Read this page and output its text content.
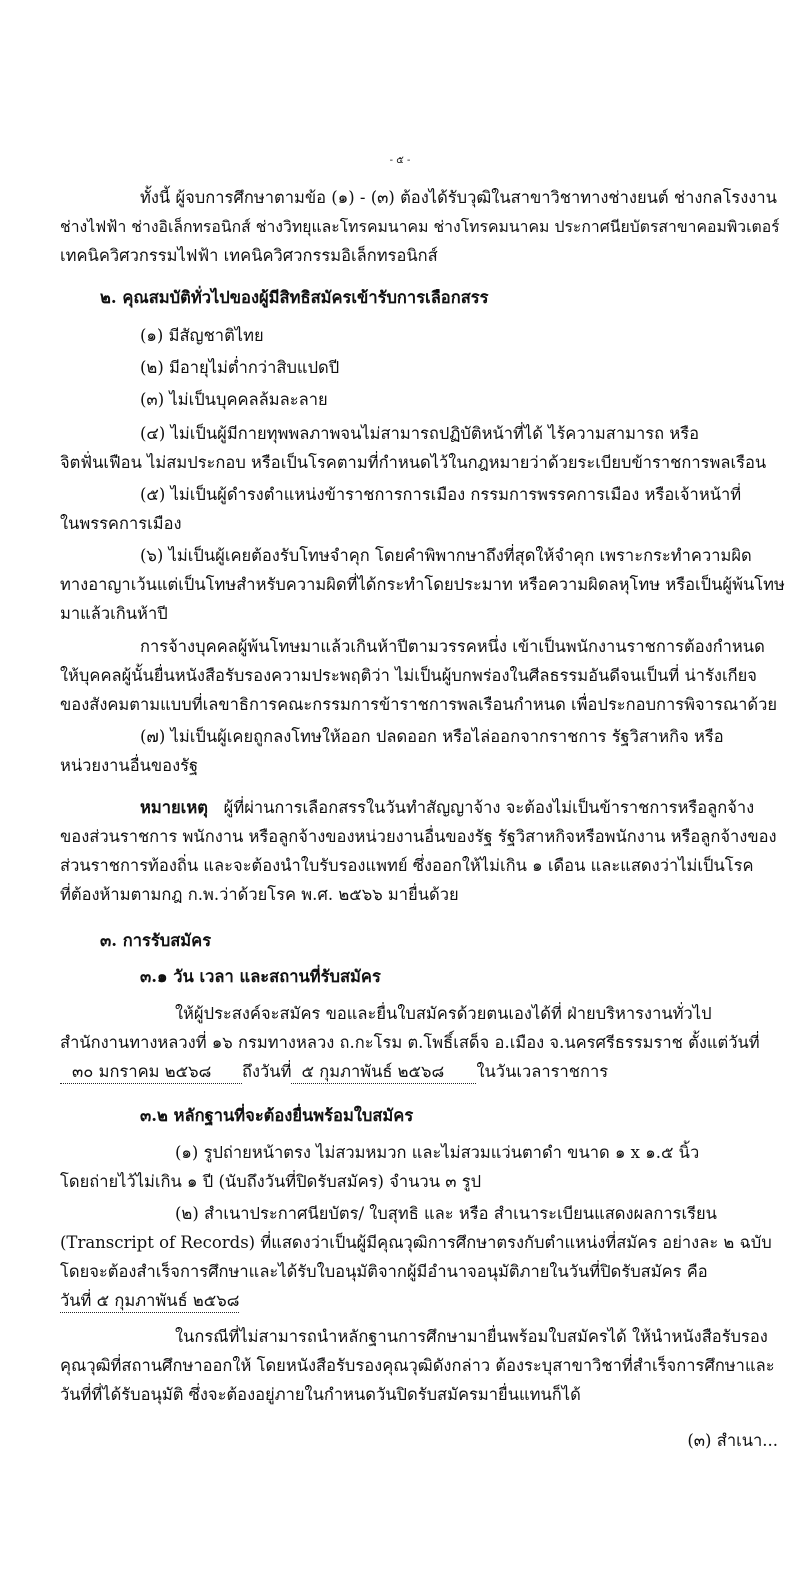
- ๕ -
ทั้งนี้ ผู้จบการศึกษาตามข้อ (๑) - (๓) ต้องได้รับวุฒิในสาขาวิชาทางช่างยนต์ ช่างกลโรงงาน
ช่างไฟฟ้า ช่างอิเล็กทรอนิกส์ ช่างวิทยุและโทรคมนาคม ช่างโทรคมนาคม ประกาศนียบัตรสาขาคอมพิวเตอร์
เทคนิควิศวกรรมไฟฟ้า เทคนิควิศวกรรมอิเล็กทรอนิกส์
๒. คุณสมบัติทั่วไปของผู้มีสิทธิสมัครเข้ารับการเลือกสรร
(๑) มีสัญชาติไทย
(๒) มีอายุไม่ต่ำกว่าสิบแปดปี
(๓) ไม่เป็นบุคคลล้มละลาย
(๔) ไม่เป็นผู้มีกายทุพพลภาพจนไม่สามารถปฏิบัติหน้าที่ได้ ไร้ความสามารถ หรือ
จิตฟั่นเฟือน ไม่สมประกอบ หรือเป็นโรคตามที่กำหนดไว้ในกฎหมายว่าด้วยระเบียบข้าราชการพลเรือน
(๕) ไม่เป็นผู้ดำรงตำแหน่งข้าราชการการเมือง กรรมการพรรคการเมือง หรือเจ้าหน้าที่
ในพรรคการเมือง
(๖) ไม่เป็นผู้เคยต้องรับโทษจำคุก โดยคำพิพากษาถึงที่สุดให้จำคุก เพราะกระทำความผิด
ทางอาญาเว้นแต่เป็นโทษสำหรับความผิดที่ได้กระทำโดยประมาท หรือความผิดลหุโทษ หรือเป็นผู้พ้นโทษ
มาแล้วเกินห้าปี
การจ้างบุคคลผู้พ้นโทษมาแล้วเกินห้าปีตามวรรคหนึ่ง เข้าเป็นพนักงานราชการต้องกำหนด
ให้บุคคลผู้นั้นยื่นหนังสือรับรองความประพฤติว่า ไม่เป็นผู้บกพร่องในศีลธรรมอันดีจนเป็นที่ น่ารังเกียจ
ของสังคมตามแบบที่เลขาธิการคณะกรรมการข้าราชการพลเรือนกำหนด เพื่อประกอบการพิจารณาด้วย
(๗) ไม่เป็นผู้เคยถูกลงโทษให้ออก ปลดออก หรือไล่ออกจากราชการ รัฐวิสาหกิจ หรือ
หน่วยงานอื่นของรัฐ
หมายเหตุ ผู้ที่ผ่านการเลือกสรรในวันทำสัญญาจ้าง จะต้องไม่เป็นข้าราชการหรือลูกจ้าง
ของส่วนราชการ พนักงาน หรือลูกจ้างของหน่วยงานอื่นของรัฐ รัฐวิสาหกิจหรือพนักงาน หรือลูกจ้างของ
ส่วนราชการท้องถิ่น และจะต้องนำใบรับรองแพทย์ ซึ่งออกให้ไม่เกิน ๑ เดือน และแสดงว่าไม่เป็นโรค
ที่ต้องห้ามตามกฎ ก.พ.ว่าด้วยโรค พ.ศ. ๒๕๖๖ มายื่นด้วย
๓. การรับสมัคร
๓.๑ วัน เวลา และสถานที่รับสมัคร
ให้ผู้ประสงค์จะสมัคร ขอและยื่นใบสมัครด้วยตนเองได้ที่ ฝ่ายบริหารงานทั่วไป
สำนักงานทางหลวงที่ ๑๖ กรมทางหลวง ถ.กะโรม ต.โพธิ์เสด็จ อ.เมือง จ.นครศรีธรรมราช ตั้งแต่วันที่
๓๐ มกราคม ๒๕๖๘ ถึงวันที่ ๕ กุมภาพันธ์ ๒๕๖๘ ในวันเวลาราชการ
๓.๒ หลักฐานที่จะต้องยื่นพร้อมใบสมัคร
(๑) รูปถ่ายหน้าตรง ไม่สวมหมวก และไม่สวมแว่นตาดำ ขนาด ๑ x ๑.๕ นิ้ว
โดยถ่ายไว้ไม่เกิน ๑ ปี (นับถึงวันที่ปิดรับสมัคร) จำนวน ๓ รูป
(๒) สำเนาประกาศนียบัตร/ ใบสุทธิ และ หรือ สำเนาระเบียนแสดงผลการเรียน
(Transcript of Records) ที่แสดงว่าเป็นผู้มีคุณวุฒิการศึกษาตรงกับตำแหน่งที่สมัคร อย่างละ ๒ ฉบับ
โดยจะต้องสำเร็จการศึกษาและได้รับใบอนุมัติจากผู้มีอำนาจอนุมัติภายในวันที่ปิดรับสมัคร คือ
วันที่ ๕ กุมภาพันธ์ ๒๕๖๘
ในกรณีที่ไม่สามารถนำหลักฐานการศึกษามายื่นพร้อมใบสมัครได้ ให้นำหนังสือรับรอง
คุณวุฒิที่สถานศึกษาออกให้ โดยหนังสือรับรองคุณวุฒิดังกล่าว ต้องระบุสาขาวิชาที่สำเร็จการศึกษาและ
วันที่ที่ได้รับอนุมัติ ซึ่งจะต้องอยู่ภายในกำหนดวันปิดรับสมัครมายื่นแทนก็ได้
(๓) สำเนา...
